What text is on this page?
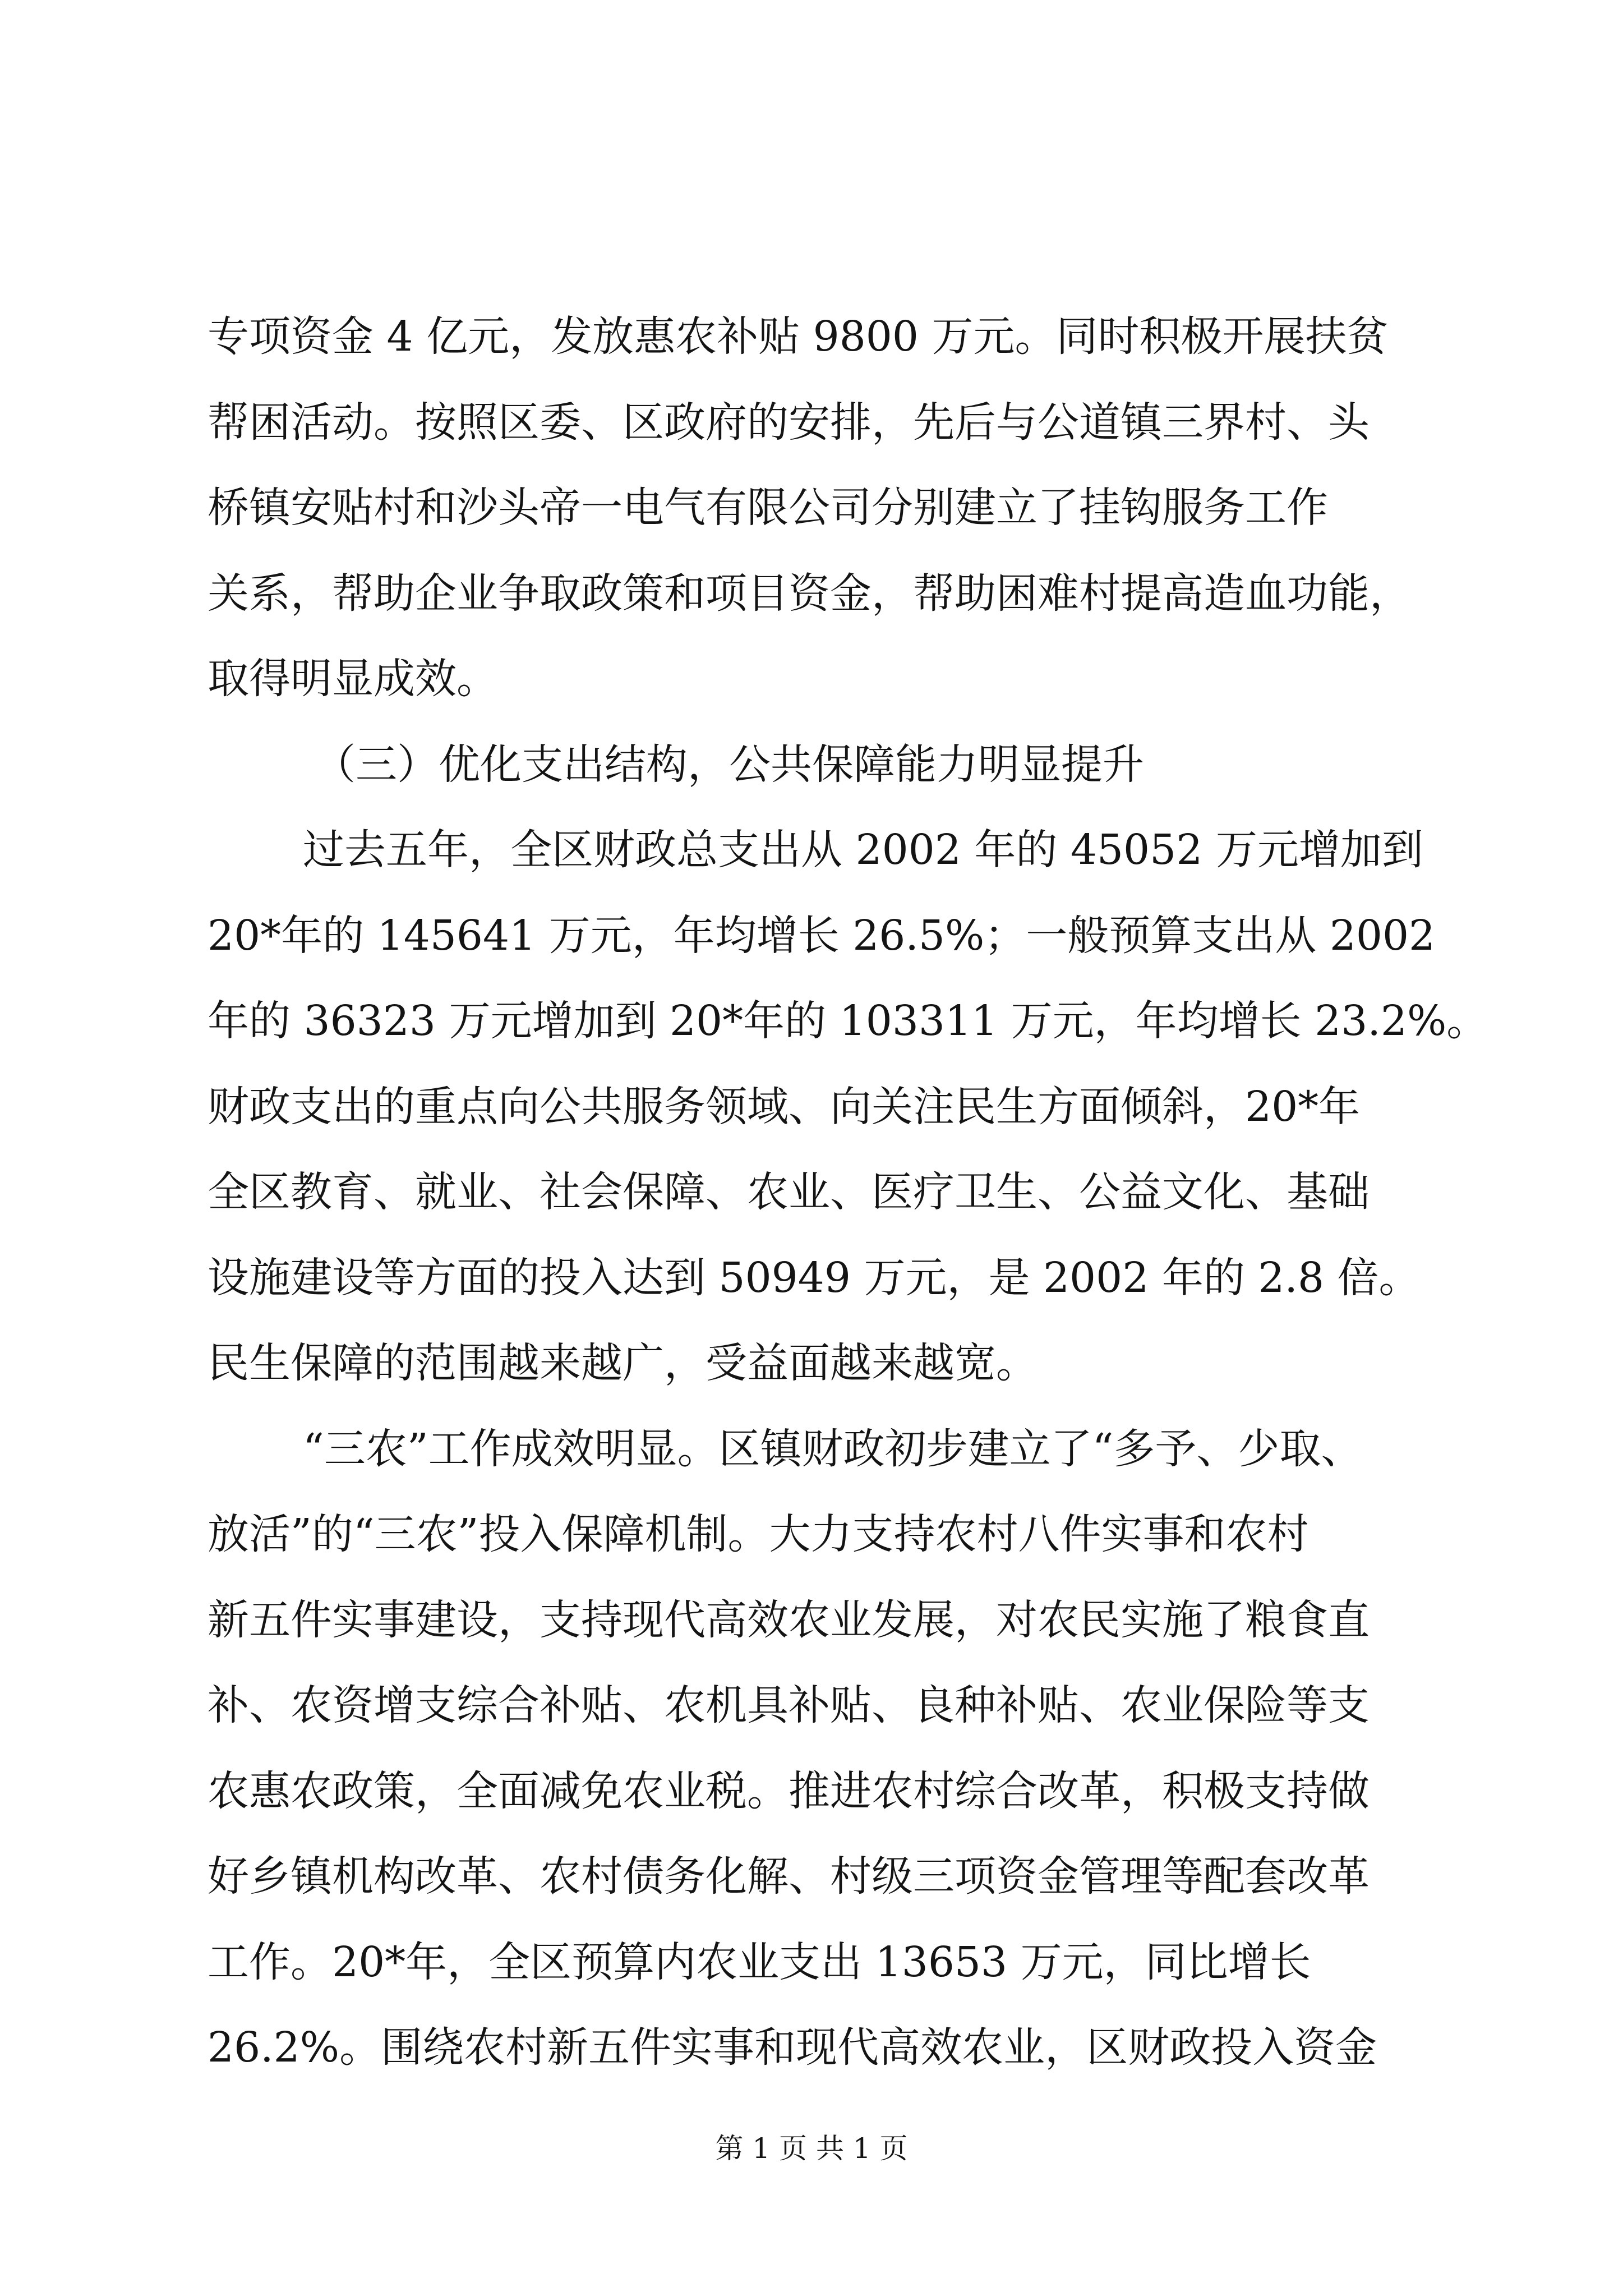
专项资金 4 亿元，发放惠农补贴 9800 万元。同时积极开展扶贫
帮困活动。按照区委、区政府的安排，先后与公道镇三界村、头
桥镇安贴村和沙头帝一电气有限公司分别建立了挂钩服务工作
关系，帮助企业争取政策和项目资金，帮助困难村提高造血功能，
取得明显成效。
（三）优化支出结构，公共保障能力明显提升
过去五年，全区财政总支出从 2002 年的 45052 万元增加到
20*年的 145641 万元，年均增长 26.5%；一般预算支出从 2002
年的 36323 万元增加到 20*年的 103311 万元，年均增长 23.2%。
财政支出的重点向公共服务领域、向关注民生方面倾斜，20*年
全区教育、就业、社会保障、农业、医疗卫生、公益文化、基础
设施建设等方面的投入达到 50949 万元，是 2002 年的 2.8 倍。
民生保障的范围越来越广，受益面越来越宽。
“三农”工作成效明显。区镇财政初步建立了“多予、少取、
放活”的“三农”投入保障机制。大力支持农村八件实事和农村
新五件实事建设，支持现代高效农业发展，对农民实施了粮食直
补、农资增支综合补贴、农机具补贴、良种补贴、农业保险等支
农惠农政策，全面减免农业税。推进农村综合改革，积极支持做
好乡镇机构改革、农村债务化解、村级三项资金管理等配套改革
工作。20*年，全区预算内农业支出 13653 万元，同比增长
26.2%。围绕农村新五件实事和现代高效农业，区财政投入资金
第 1 页 共 1 页
